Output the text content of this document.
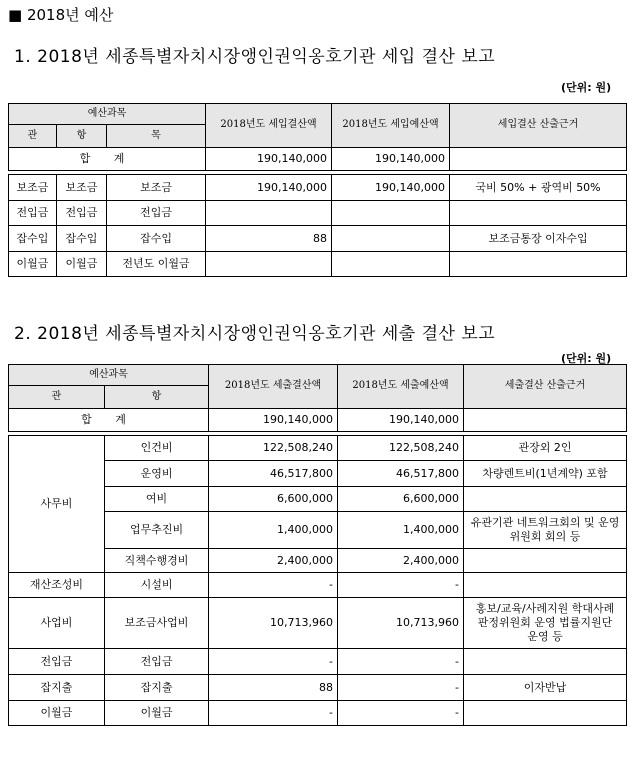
■ 2018년 예산
1. 2018년 세종특별자치시장앵인권익옹호기관 세입 결산 보고
(단위: 원)
예산과목			2018년도 세입결산액	2018년도 세입예산액	세입결산 산출근거
관	항	목			
합 계			190,140,000	190,140,000	

보조금	보조금	보조금	190,140,000	190,140,000	국비 50% + 광역비 50%
전입금	전입금	전입금			
잡수입	잡수입	잡수입	88		보조금통장 이자수입
이월금	이월금	전년도 이월금			
2. 2018년 세종특별자치시장앵인권익옹호기관 세출 결산 보고
(단위: 원)
예산과목		2018년도 세출결산액	2018년도 세출예산액	세출결산 산출근거
관	항			
합 계		190,140,000	190,140,000	

사무비	인건비	122,508,240	122,508,240	관장외 2인
	운영비	46,517,800	46,517,800	차량렌트비(1년계약) 포함
	여비	6,600,000	6,600,000	
	업무추진비	1,400,000	1,400,000	유관기관 네트워크회의 및 운영위원회 회의 등
	직책수행경비	2,400,000	2,400,000	
재산조성비	시설비	-	-	
사업비	보조금사업비	10,713,960	10,713,960	홍보/교육/사례지원 학대사례판정위원회 운영 법률지원단 운영 등
전입금	전입금	-	-	
잡지출	잡지출	88	-	이자반납
이월금	이월금	-	-	
